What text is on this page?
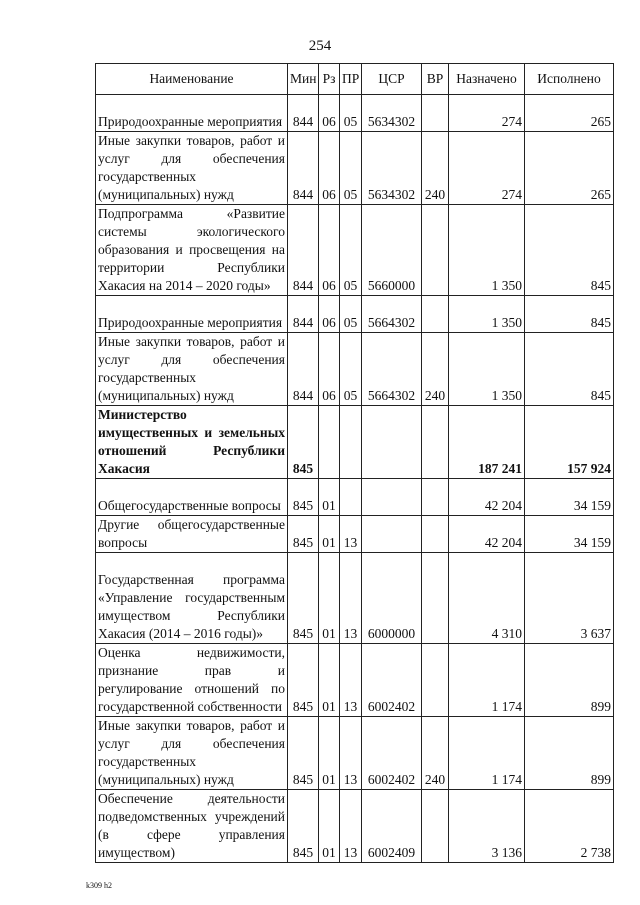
254
Наименование	Мин	Рз	ПР	ЦСР	ВР	Назначено	Исполнено
Природоохранные мероприятия	844	06	05	5634302		274	265
Иные закупки товаров, работ и услуг для обеспечения государственных (муниципальных) нужд	844	06	05	5634302	240	274	265
Подпрограмма «Развитие системы экологического образования и просвещения на территории Республики Хакасия на 2014 – 2020 годы»	844	06	05	5660000		1 350	845
Природоохранные мероприятия	844	06	05	5664302		1 350	845
Иные закупки товаров, работ и услуг для обеспечения государственных (муниципальных) нужд	844	06	05	5664302	240	1 350	845
Министерство имущественных и земельных отношений Республики Хакасия	845					187 241	157 924
Общегосударственные вопросы	845	01				42 204	34 159
Другие общегосударственные вопросы	845	01	13			42 204	34 159
Государственная программа «Управление государственным имуществом Республики Хакасия (2014 – 2016 годы)»	845	01	13	6000000		4 310	3 637
Оценка недвижимости, признание прав и регулирование отношений по государственной собственности	845	01	13	6002402		1 174	899
Иные закупки товаров, работ и услуг для обеспечения государственных (муниципальных) нужд	845	01	13	6002402	240	1 174	899
Обеспечение деятельности подведомственных учреждений (в сфере управления имуществом)	845	01	13	6002409		3 136	2 738
k309 h2
